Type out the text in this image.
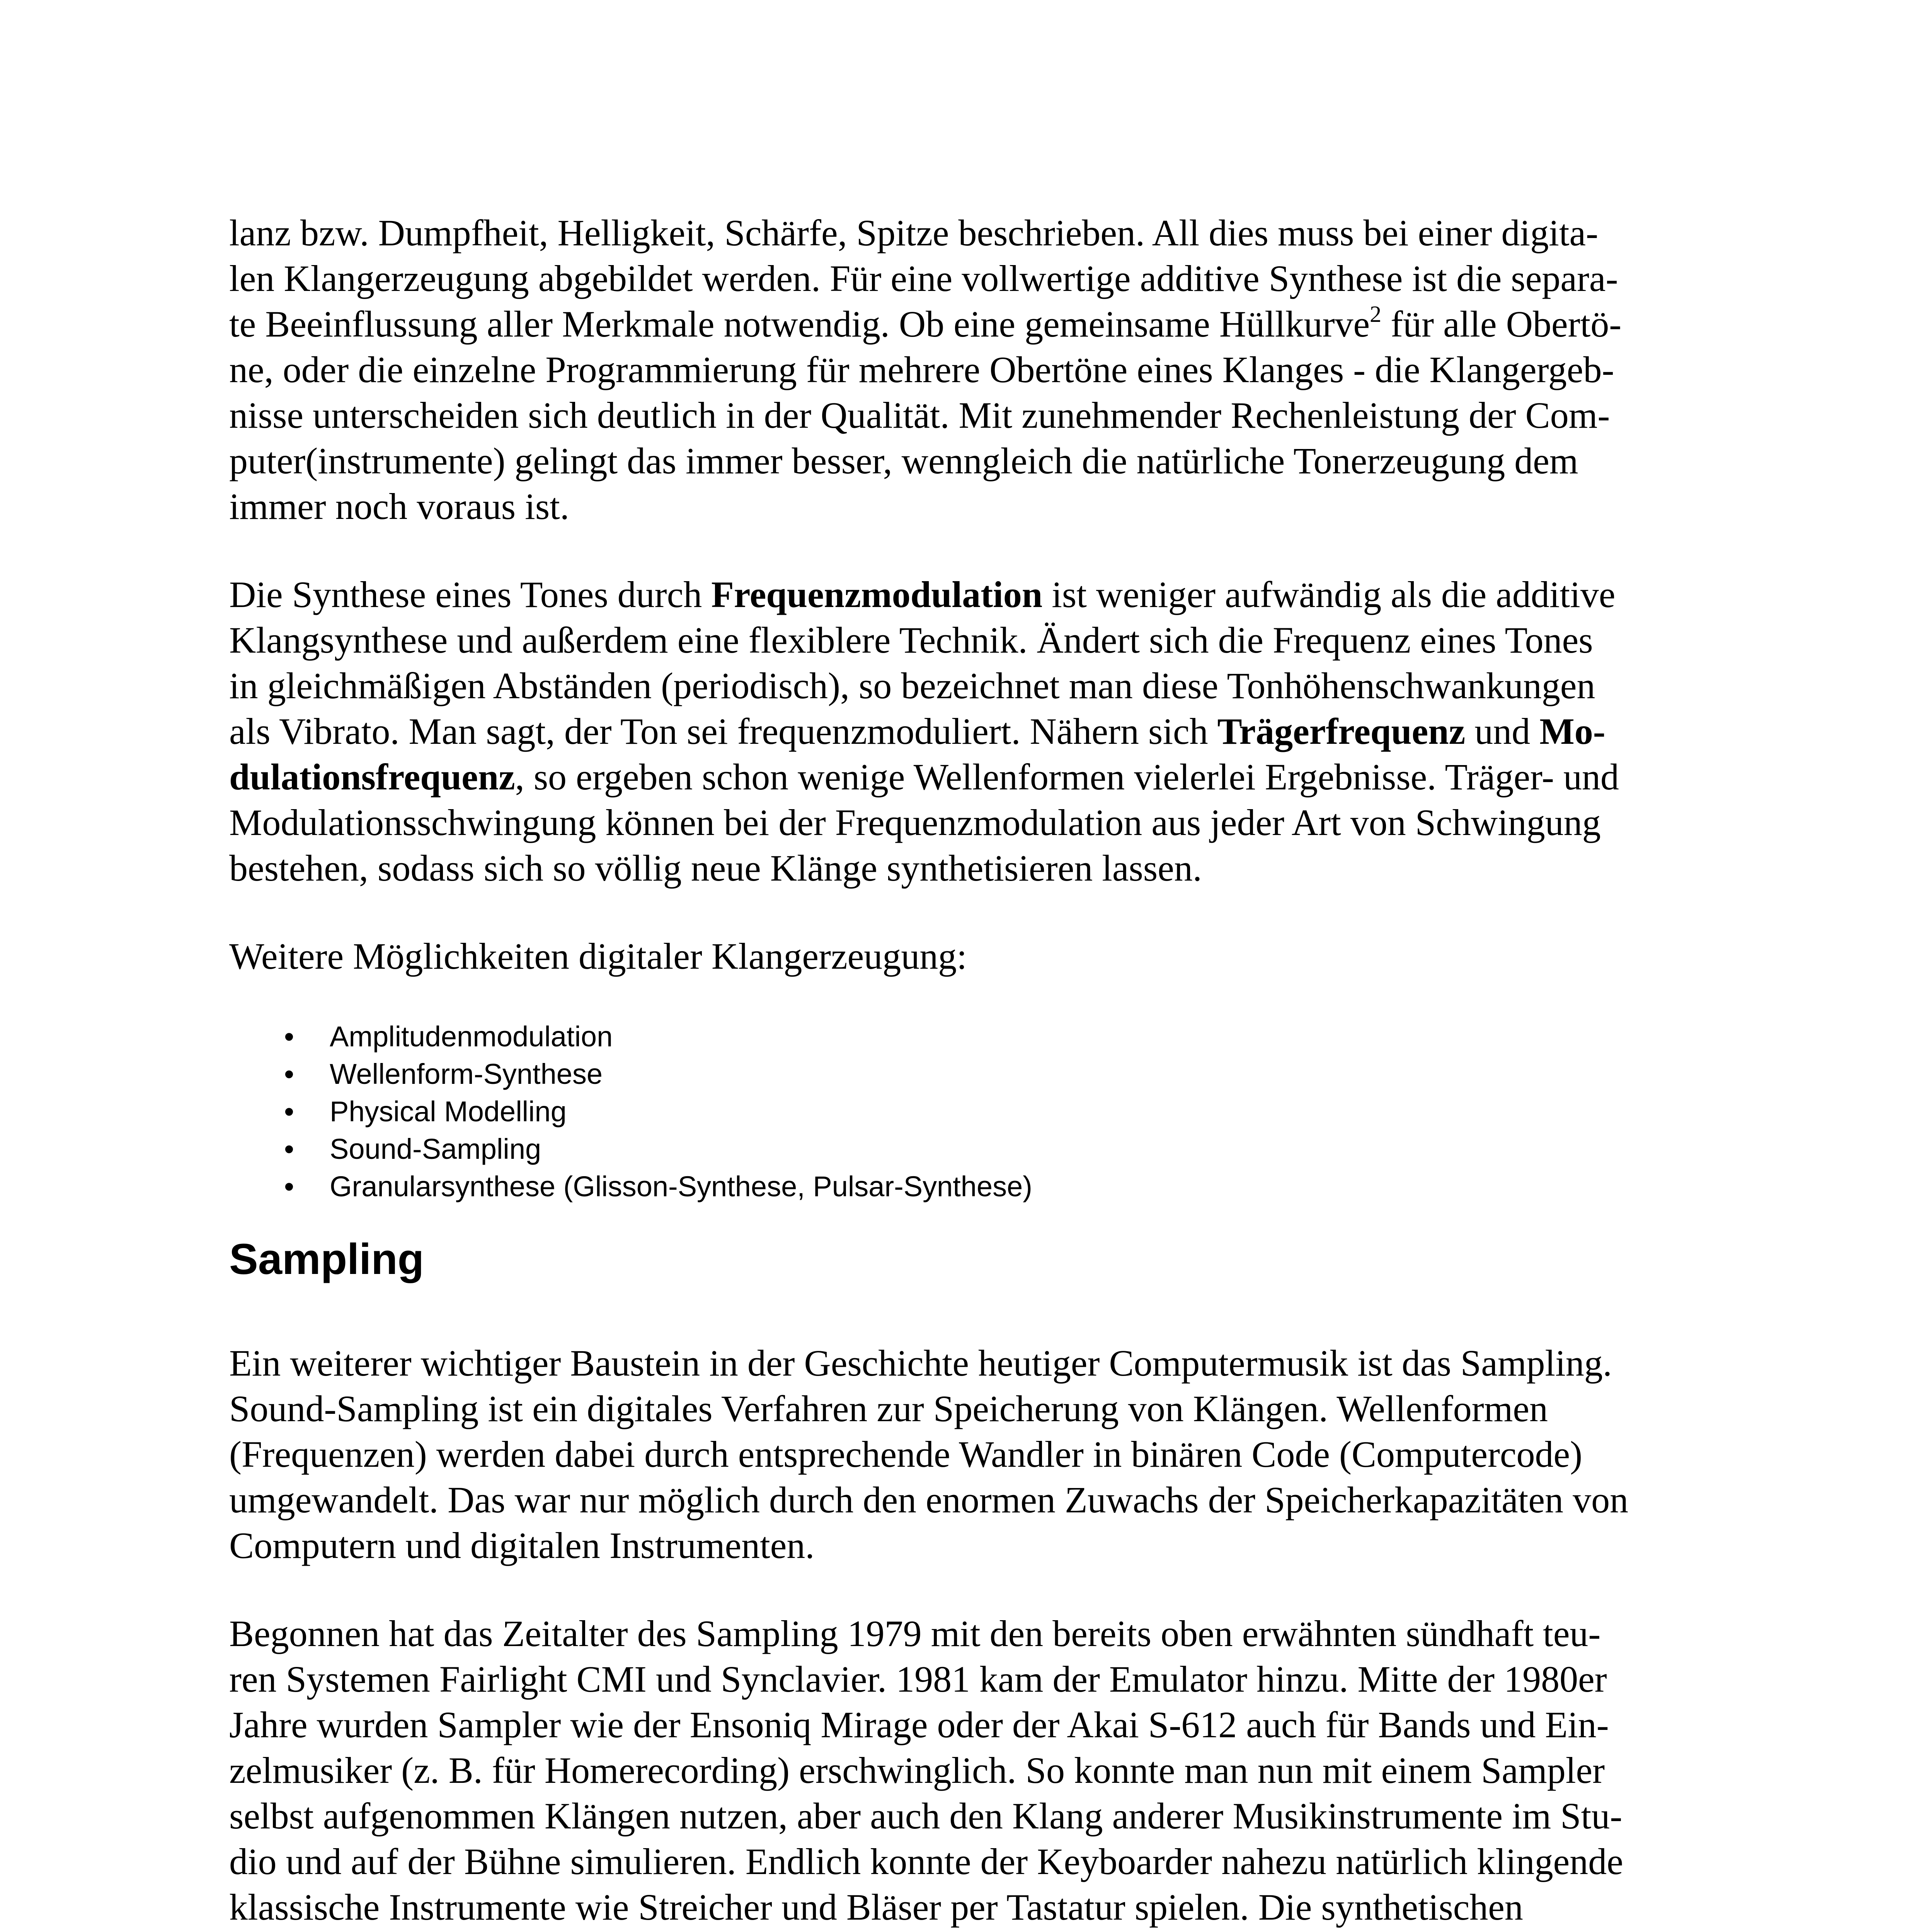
lanz bzw. Dumpfheit, Helligkeit, Schärfe, Spitze beschrieben. All dies muss bei einer digita-
len Klangerzeugung abgebildet werden. Für eine vollwertige additive Synthese ist die separa-
te Beeinflussung aller Merkmale notwendig. Ob eine gemeinsame Hüllkurve$^2$ für alle Obertö-
ne, oder die einzelne Programmierung für mehrere Obertöne eines Klanges - die Klangergeb-
nisse unterscheiden sich deutlich in der Qualität. Mit zunehmender Rechenleistung der Com-
puter(instrumente) gelingt das immer besser, wenngleich die natürliche Tonerzeugung dem
immer noch voraus ist.

Die Synthese eines Tones durch Frequenzmodulation ist weniger aufwändig als die additive
Klangsynthese und außerdem eine flexiblere Technik. Ändert sich die Frequenz eines Tones
in gleichmäßigen Abständen (periodisch), so bezeichnet man diese Tonhöhenschwankungen
als Vibrato. Man sagt, der Ton sei frequenzmoduliert. Nähern sich Trägerfrequenz und Mo-
dulationsfrequenz, so ergeben schon wenige Wellenformen vielerlei Ergebnisse. Träger- und
Modulationsschwingung können bei der Frequenzmodulation aus jeder Art von Schwingung
bestehen, sodass sich so völlig neue Klänge synthetisieren lassen.

Weitere Möglichkeiten digitaler Klangerzeugung:

• Amplitudenmodulation
• Wellenform-Synthese
• Physical Modelling
• Sound-Sampling
• Granularsynthese (Glisson-Synthese, Pulsar-Synthese)
Sampling

Ein weiterer wichtiger Baustein in der Geschichte heutiger Computermusik ist das Sampling.
Sound-Sampling ist ein digitales Verfahren zur Speicherung von Klängen. Wellenformen
(Frequenzen) werden dabei durch entsprechende Wandler in binären Code (Computercode)
umgewandelt. Das war nur möglich durch den enormen Zuwachs der Speicherkapazitäten von
Computern und digitalen Instrumenten.

Begonnen hat das Zeitalter des Sampling 1979 mit den bereits oben erwähnten sündhaft teu-
ren Systemen Fairlight CMI und Synclavier. 1981 kam der Emulator hinzu. Mitte der 1980er
Jahre wurden Sampler wie der Ensoniq Mirage oder der Akai S-612 auch für Bands und Ein-
zelmusiker (z. B. für Homerecording) erschwinglich. So konnte man nun mit einem Sampler
selbst aufgenommen Klängen nutzen, aber auch den Klang anderer Musikinstrumente im Stu-
dio und auf der Bühne simulieren. Endlich konnte der Keyboarder nahezu natürlich klingende
klassische Instrumente wie Streicher und Bläser per Tastatur spielen. Die synthetischen
